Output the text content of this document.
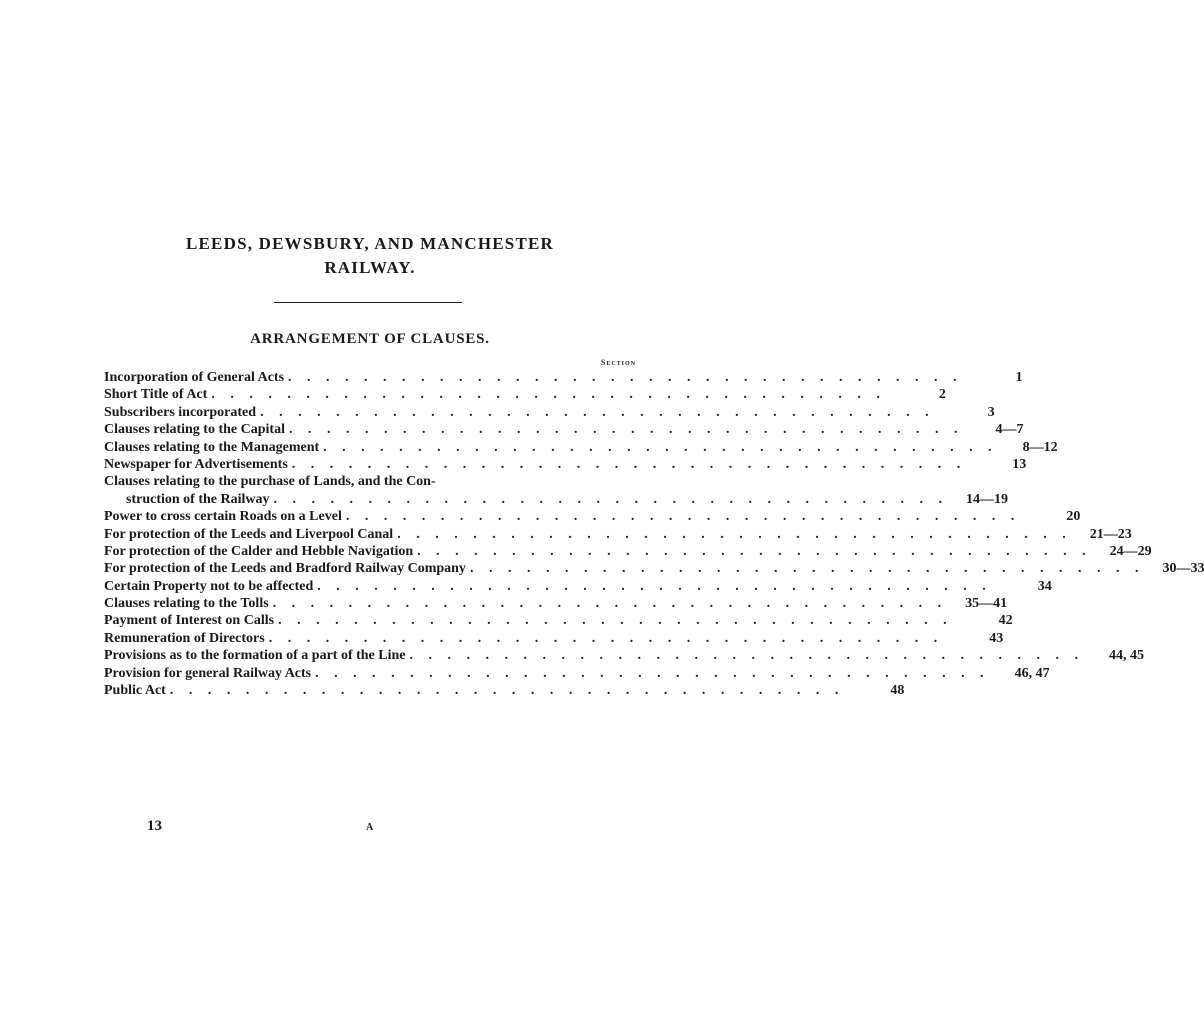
LEEDS, DEWSBURY, AND MANCHESTER
RAILWAY.
ARRANGEMENT OF CLAUSES.
Section
Incorporation of General Acts . . . . . . . . . . . . . . . . . . . . . . . . . . . . . . . . . . . .	1
Short Title of Act . . . . . . . . . . . . . . . . . . . . . . . . . . . . . . . . . . . .	2
Subscribers incorporated . . . . . . . . . . . . . . . . . . . . . . . . . . . . . . . . . . . .	3
Clauses relating to the Capital . . . . . . . . . . . . . . . . . . . . . . . . . . . . . . . . . . . .	4—7
Clauses relating to the Management . . . . . . . . . . . . . . . . . . . . . . . . . . . . . . . . . . . .	8—12
Newspaper for Advertisements . . . . . . . . . . . . . . . . . . . . . . . . . . . . . . . . . . . .	13
Clauses relating to the purchase of Lands, and the Con-
struction of the Railway . . . . . . . . . . . . . . . . . . . . . . . . . . . . . . . . . . . .	14—19
Power to cross certain Roads on a Level . . . . . . . . . . . . . . . . . . . . . . . . . . . . . . . . . . . .	20
For protection of the Leeds and Liverpool Canal . . . . . . . . . . . . . . . . . . . . . . . . . . . . . . . . . . . .	21—23
For protection of the Calder and Hebble Navigation . . . . . . . . . . . . . . . . . . . . . . . . . . . . . . . . . . . .	24—29
For protection of the Leeds and Bradford Railway Company . . . . . . . . . . . . . . . . . . . . . . . . . . . . . . . . . . . .	30—33
Certain Property not to be affected . . . . . . . . . . . . . . . . . . . . . . . . . . . . . . . . . . . .	34
Clauses relating to the Tolls . . . . . . . . . . . . . . . . . . . . . . . . . . . . . . . . . . . .	35—41
Payment of Interest on Calls . . . . . . . . . . . . . . . . . . . . . . . . . . . . . . . . . . . .	42
Remuneration of Directors . . . . . . . . . . . . . . . . . . . . . . . . . . . . . . . . . . . .	43
Provisions as to the formation of a part of the Line . . . . . . . . . . . . . . . . . . . . . . . . . . . . . . . . . . . .	44, 45
Provision for general Railway Acts . . . . . . . . . . . . . . . . . . . . . . . . . . . . . . . . . . . .	46, 47
Public Act . . . . . . . . . . . . . . . . . . . . . . . . . . . . . . . . . . . .	48
13	A
